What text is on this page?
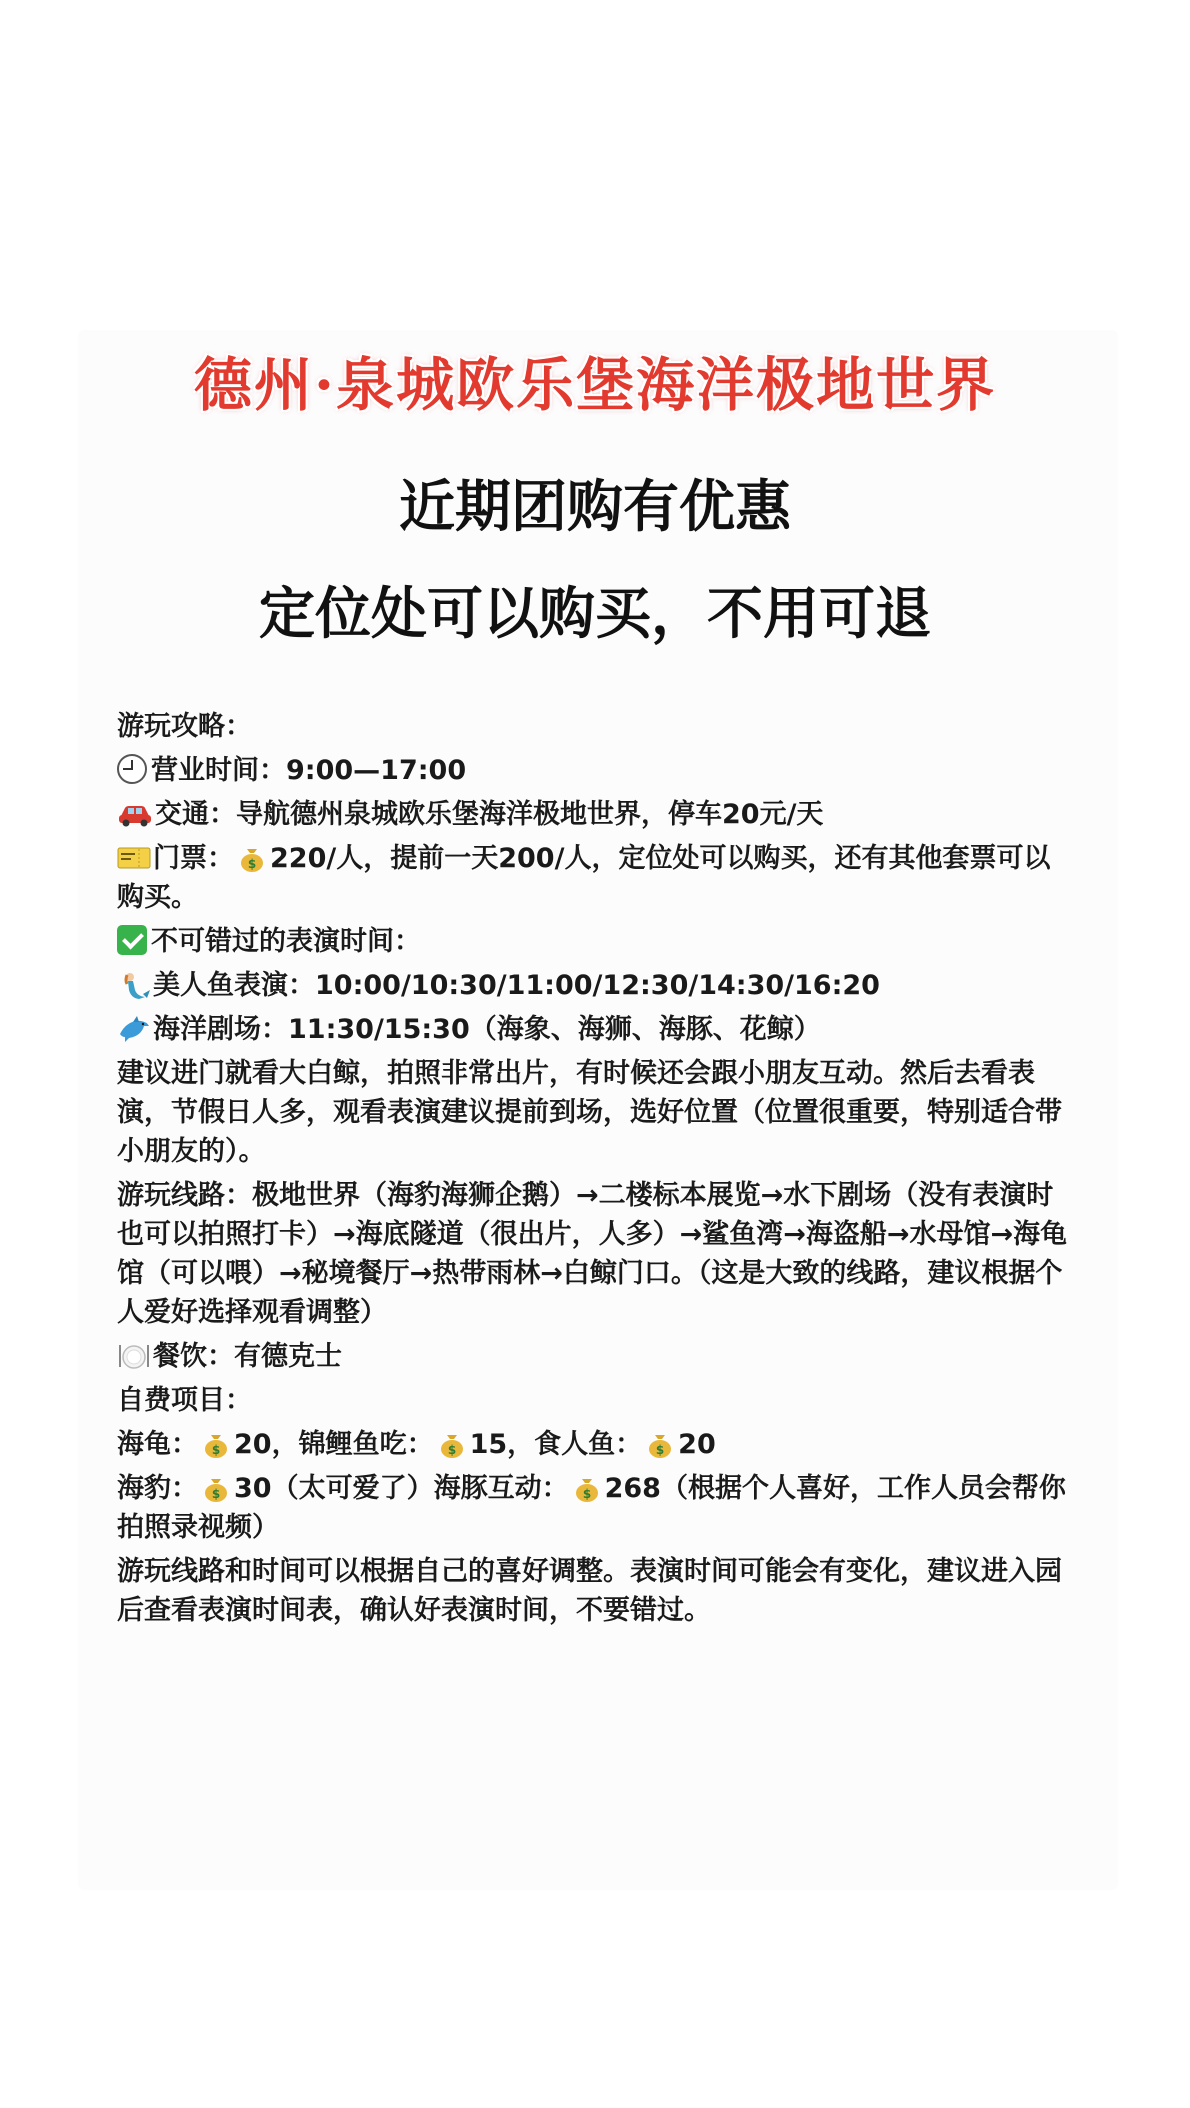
德州·泉城欧乐堡海洋极地世界
近期团购有优惠
定位处可以购买，不用可退
游玩攻略：
营业时间：9:00—17:00
交通：导航德州泉城欧乐堡海洋极地世界，停车20元/天
门票： $ 220/人，提前一天200/人，定位处可以购买，还有其他套票可以购买。
不可错过的表演时间：
美人鱼表演：10:00/10:30/11:00/12:30/14:30/16:20
海洋剧场：11:30/15:30（海象、海狮、海豚、花鲸）
建议进门就看大白鲸，拍照非常出片，有时候还会跟小朋友互动。然后去看表演，节假日人多，观看表演建议提前到场，选好位置（位置很重要，特别适合带小朋友的）。
游玩线路：极地世界（海豹海狮企鹅）→二楼标本展览→水下剧场（没有表演时也可以拍照打卡）→海底隧道（很出片，人多）→鲨鱼湾→海盗船→水母馆→海龟馆（可以喂）→秘境餐厅→热带雨林→白鲸门口。（这是大致的线路，建议根据个人爱好选择观看调整）
餐饮：有德克士
自费项目：
海龟： $ 20，锦鲤鱼吃： $ 15，食人鱼： $ 20
海豹： $ 30（太可爱了）海豚互动： $ 268（根据个人喜好，工作人员会帮你拍照录视频）
游玩线路和时间可以根据自己的喜好调整。表演时间可能会有变化，建议进入园后查看表演时间表，确认好表演时间，不要错过。
